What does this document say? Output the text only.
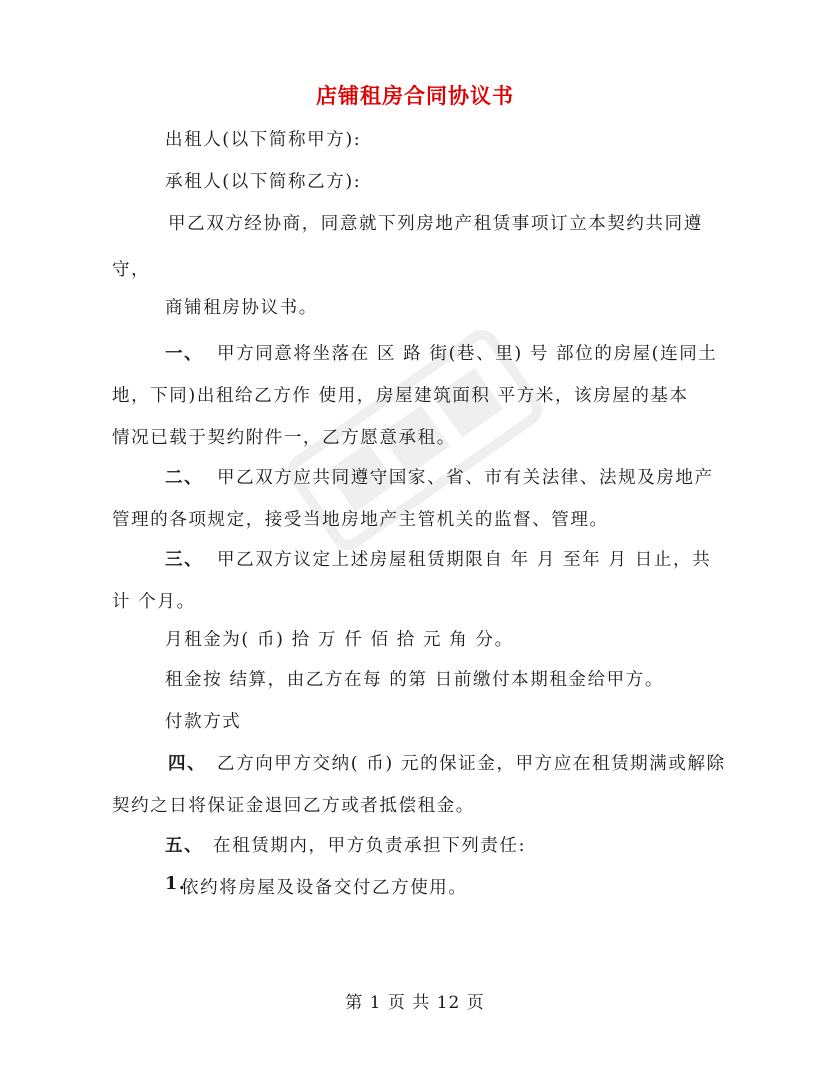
店铺租房合同协议书
出租人(以下简称甲方):
承租人(以下简称乙方):
甲乙双方经协商，同意就下列房地产租赁事项订立本契约共同遵
守，
商铺租房协议书。
一、 甲方同意将坐落在 区 路 街(巷、里) 号 部位的房屋(连同土
地，下同)出租给乙方作 使用，房屋建筑面积 平方米，该房屋的基本
情况已载于契约附件一，乙方愿意承租。
二、 甲乙双方应共同遵守国家、省、市有关法律、法规及房地产
管理的各项规定，接受当地房地产主管机关的监督、管理。
三、 甲乙双方议定上述房屋租赁期限自 年 月 至年 月 日止，共
计 个月。
月租金为( 币) 拾 万 仟 佰 拾 元 角 分。
租金按 结算，由乙方在每 的第 日前缴付本期租金给甲方。
付款方式
四、 乙方向甲方交纳( 币) 元的保证金，甲方应在租赁期满或解除
契约之日将保证金退回乙方或者抵偿租金。
五、 在租赁期内，甲方负责承担下列责任:
1.
依约将房屋及设备交付乙方使用。
第 1 页 共 12 页
